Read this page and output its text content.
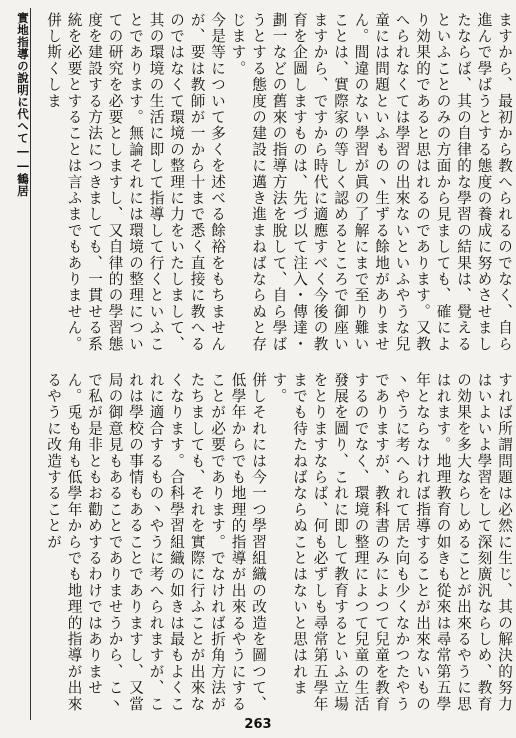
實地指導の說明に代へて――鶴居	ますから、最初から教へられるのでなく、自ら進んで學ばうとする態度の養成に努めさせましたならば、其の自律的な學習の結果は、覺えるといふことのみの方面から見ましても、確により効果的であると思はれるのであります。又教へられなくては學習の出來ないといふやうな兒童には問題といふもの丶生ずる餘地がありません。間違のない學習が眞の了解にまで至り難いことは、實際家の等しく認めるところで御座いますから、ですから時代に適應すべく今後の教育を企圖しますものは、先づ以て注入・傳達・劃一などの舊來の指導方法を脫して、自ら學ばうとする態度の建設に邁き進まねばならぬと存じます。

今是等について多くを述べる餘裕をもちませんが、要は教師が一から十まで悉く直接に教へるのではなくて環境の整理に力をいたしまして、其の環境の生活に即して指導して行くといふことであります。無論それには環境の整理についての研究を必要としますし、又自律的の學習態度を建設する方法につきましても、一貫せる系統を必要とすることは言ふまでもありません。併し斯くしま

すれば所謂問題は必然に生じ、其の解決的努力はいよいよ學習をして深刻廣汎ならしめ、教育の効果を多大ならしめることが出來るやうに思はれます。地理教育の如きも從來は尋常第五學年とならなければ指導することが出來ないもの丶やうに考へられて居た向も少くなかつたやうでありますが、教科書のみによつて兒童を教育するのでなく、環境の整理によつて兒童の生活發展を圖り、これに即して教育するといふ立場をとりますならば、何も必ずしも尋常第五學年までも待たねばならぬことはないと思はれます。

併しそれには今一つ學習組織の改造を圖つて、低學年からでも地理的指導が出來るやうにすることが必要であります。でなければ折角方法がたちましても、それを實際に行ふことが出來なくなります。合科學習組織の如きは最もよくこれに適合するもの丶やうに考へられますが、これは學校の事情もあることでありますし、又當局の御意見もあることでありませうから、こ丶で私が是非ともお勸めするわけではありません。兎も角も低學年からでも地理的指導が出來るやうに改造することが

263
